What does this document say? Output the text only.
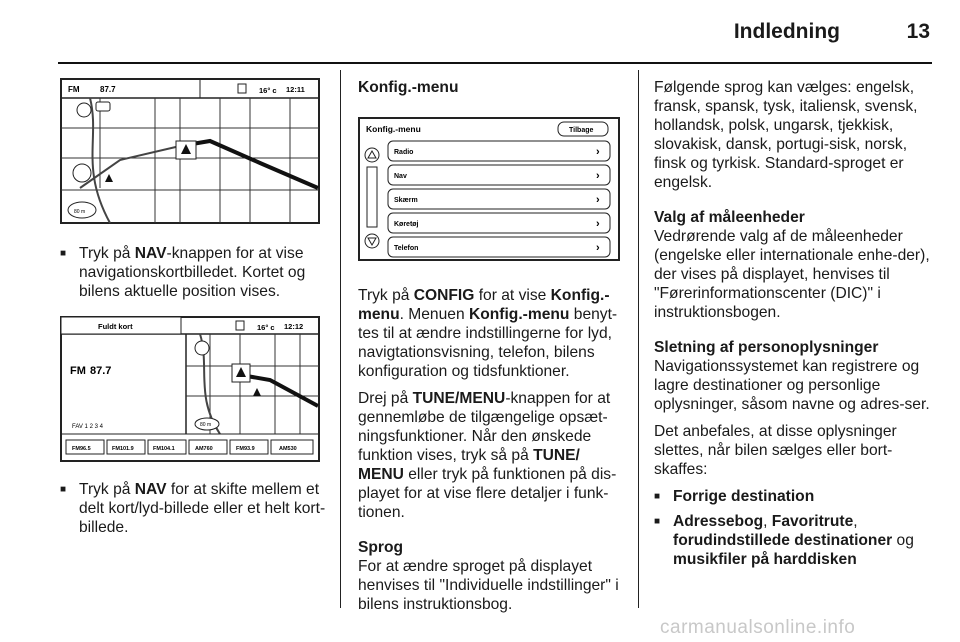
Indledning	13
FM	87.7	16° c 12:11
80 m
■ Tryk på NAV-knappen for at vise navigationskortbilledet. Kortet og bilens aktuelle position vises.
Fuldt kort	16° c 12:12
FM 87.7
FAV 1 2 3 4	80 m
FM96.5	FM101.9	FM104.1	AM760	FM93.9	AM530
■ Tryk på NAV for at skifte mellem et delt kort/lyd-billede eller et helt kort-billede.

Konfig.-menu

Konfig.-menu	Tilbage
Radio	›
Nav	›
Skærm	›
Køretøj	›
Telefon	›

Tryk på CONFIG for at vise Konfig.-menu. Menuen Konfig.-menu benyt-tes til at ændre indstillingerne for lyd, navigtationsvisning, telefon, bilens konfiguration og tidsfunktioner.

Drej på TUNE/MENU-knappen for at gennemløbe de tilgængelige opsæt-ningsfunktioner. Når den ønskede funktion vises, tryk så på TUNE/ MENU eller tryk på funktionen på dis-playet for at vise flere detaljer i funk-tionen.

Sprog

For at ændre sproget på displayet henvises til "Individuelle indstillinger" i bilens instruktionsbog.

Følgende sprog kan vælges: engelsk, fransk, spansk, tysk, italiensk, svensk, hollandsk, polsk, ungarsk, tjekkisk, slovakisk, dansk, portugi-sisk, norsk, finsk og tyrkisk. Standard-sproget er engelsk.

Valg af måleenheder

Vedrørende valg af de måleenheder (engelske eller internationale enhe-der), der vises på displayet, henvises til "Førerinformationscenter (DIC)" i instruktionsbogen.

Sletning af personoplysninger

Navigationssystemet kan registrere og lagre destinationer og personlige oplysninger, såsom navne og adres-ser.

Det anbefales, at disse oplysninger slettes, når bilen sælges eller bort-skaffes:

■ Forrige destination
■ Adressebog, Favoritrute, forudindstillede destinationer og musikfiler på harddisken
carmanualsonline.info
